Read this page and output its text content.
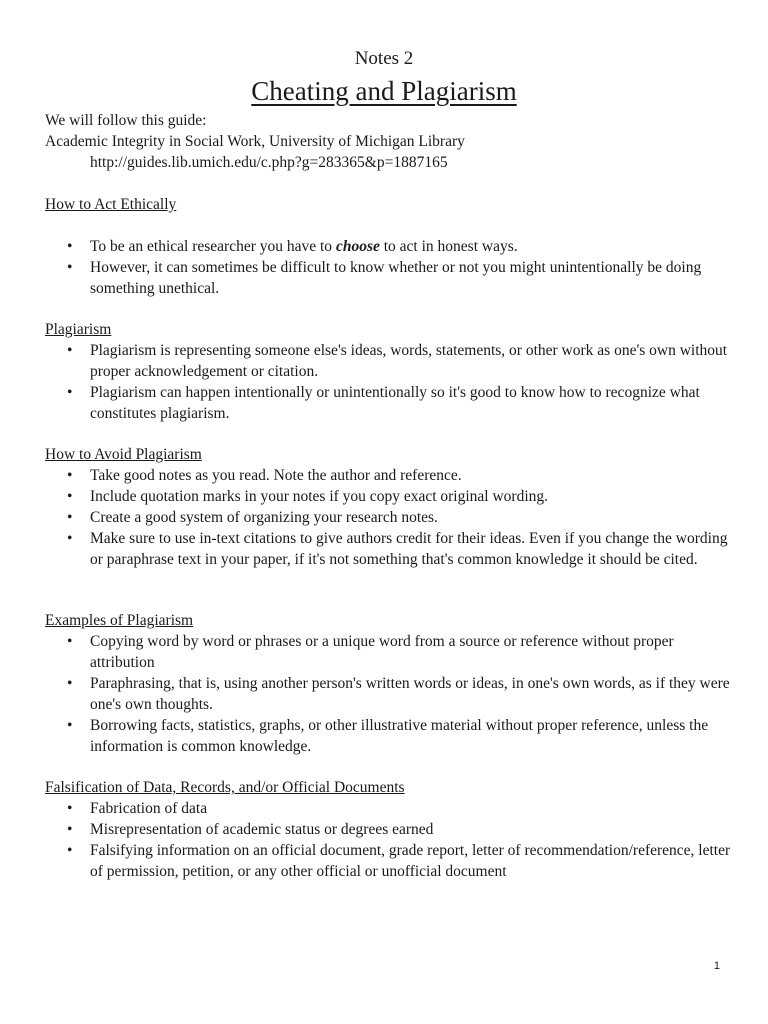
Notes 2
Cheating and Plagiarism
We will follow this guide:
Academic Integrity in Social Work, University of Michigan Library
http://guides.lib.umich.edu/c.php?g=283365&p=1887165
How to Act Ethically
• To be an ethical researcher you have to choose to act in honest ways.
• However, it can sometimes be difficult to know whether or not you might unintentionally be doing something unethical.
Plagiarism
• Plagiarism is representing someone else's ideas, words, statements, or other work as one's own without proper acknowledgement or citation.
• Plagiarism can happen intentionally or unintentionally so it's good to know how to recognize what constitutes plagiarism.
How to Avoid Plagiarism
• Take good notes as you read. Note the author and reference.
• Include quotation marks in your notes if you copy exact original wording.
• Create a good system of organizing your research notes.
• Make sure to use in-text citations to give authors credit for their ideas. Even if you change the wording or paraphrase text in your paper, if it's not something that's common knowledge it should be cited.
Examples of Plagiarism
• Copying word by word or phrases or a unique word from a source or reference without proper attribution
• Paraphrasing, that is, using another person's written words or ideas, in one's own words, as if they were one's own thoughts.
• Borrowing facts, statistics, graphs, or other illustrative material without proper reference, unless the information is common knowledge.
Falsification of Data, Records, and/or Official Documents
• Fabrication of data
• Misrepresentation of academic status or degrees earned
• Falsifying information on an official document, grade report, letter of recommendation/reference, letter of permission, petition, or any other official or unofficial document
1
